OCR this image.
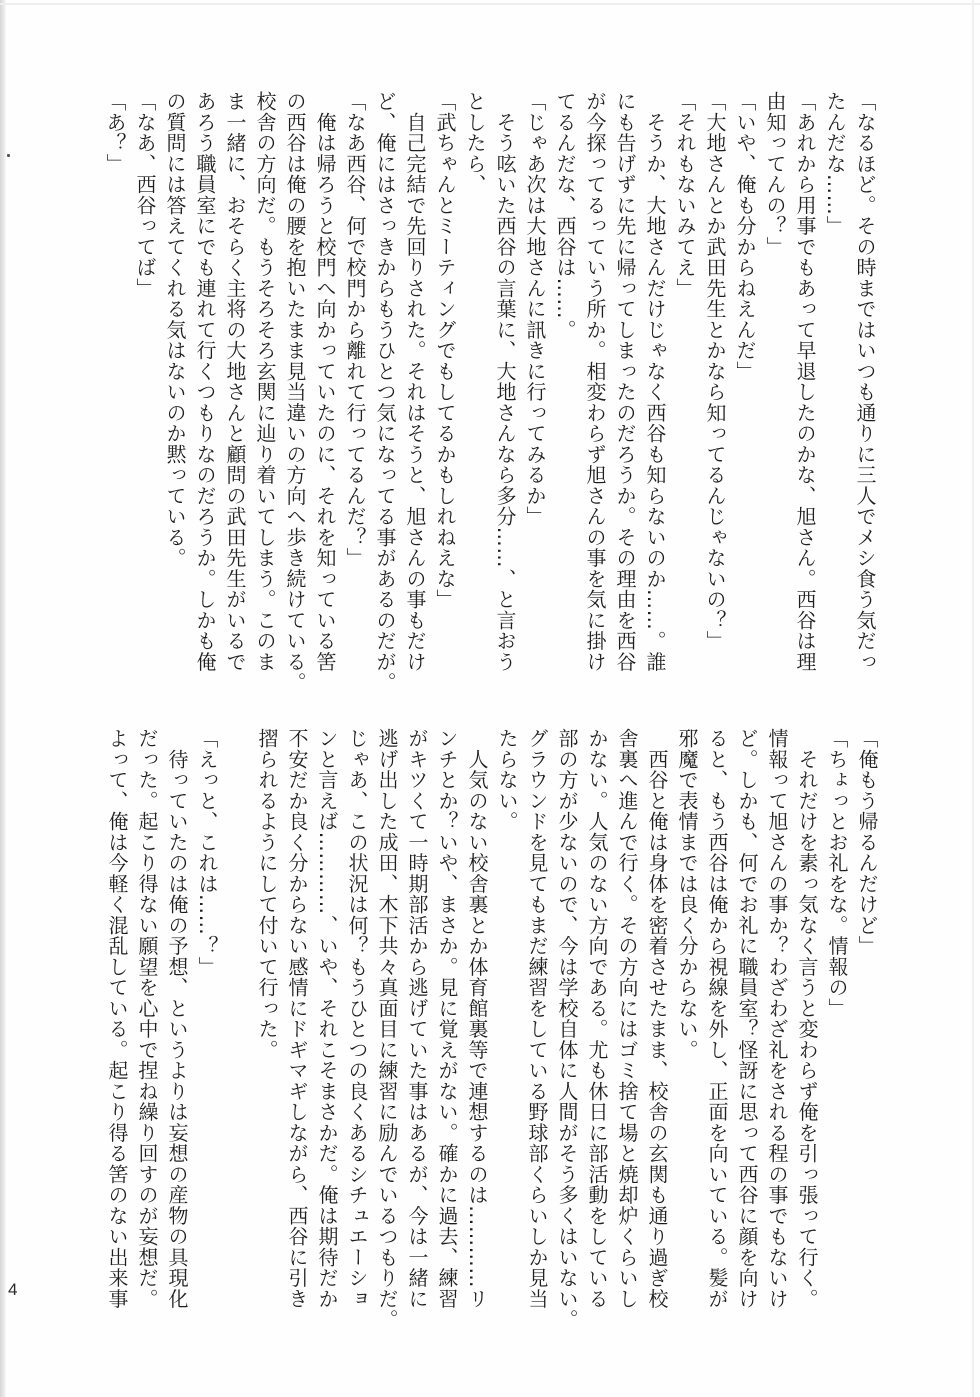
「なるほど。その時まではいつも通りに三人でメシ食う気だっ
たんだな……」
「あれから用事でもあって早退したのかな、旭さん。西谷は理
由知ってんの？」
「いや、俺も分からねえんだ」
「大地さんとか武田先生とかなら知ってるんじゃないの？」
「それもないみてえ」
　そうか、大地さんだけじゃなく西谷も知らないのか……。誰
にも告げずに先に帰ってしまったのだろうか。その理由を西谷
が今探ってるっていう所か。相変わらず旭さんの事を気に掛け
てるんだな、西谷は……。
「じゃあ次は大地さんに訊きに行ってみるか」
　そう呟いた西谷の言葉に、大地さんなら多分……、と言おう
としたら、
「武ちゃんとミーティングでもしてるかもしれねえな」
　自己完結で先回りされた。それはそうと、旭さんの事もだけ
ど、俺にはさっきからもうひとつ気になってる事があるのだが。
「なあ西谷、何で校門から離れて行ってるんだ？」
　俺は帰ろうと校門へ向かっていたのに、それを知っている筈
の西谷は俺の腰を抱いたまま見当違いの方向へ歩き続けている。
校舎の方向だ。もうそろそろ玄関に辿り着いてしまう。このま
ま一緒に、おそらく主将の大地さんと顧問の武田先生がいるで
あろう職員室にでも連れて行くつもりなのだろうか。しかも俺
の質問には答えてくれる気はないのか黙っている。
「なあ、西谷ってば」
「あ？」
「俺もう帰るんだけど」
「ちょっとお礼をな。情報の」
　それだけを素っ気なく言うと変わらず俺を引っ張って行く。
情報って旭さんの事か？わざわざ礼をされる程の事でもないけ
ど。しかも、何でお礼に職員室？怪訝に思って西谷に顔を向け
ると、もう西谷は俺から視線を外し、正面を向いている。髪が
邪魔で表情までは良く分からない。
　西谷と俺は身体を密着させたまま、校舎の玄関も通り過ぎ校
舎裏へ進んで行く。その方向にはゴミ捨て場と焼却炉くらいし
かない。人気のない方向である。尤も休日に部活動をしている
部の方が少ないので、今は学校自体に人間がそう多くはいない。
グラウンドを見てもまだ練習をしている野球部くらいしか見当
たらない。
　人気のない校舎裏とか体育館裏等で連想するのは…………リ
ンチとか？いや、まさか。見に覚えがない。確かに過去、練習
がキツくて一時期部活から逃げていた事はあるが、今は一緒に
逃げ出した成田、木下共々真面目に練習に励んでいるつもりだ。
じゃあ、この状況は何？もうひとつの良くあるシチュエーショ
ンと言えば…………、いや、それこそまさかだ。俺は期待だか
不安だか良く分からない感情にドギマギしながら、西谷に引き
摺られるようにして付いて行った。
「えっと、これは……？」
　待っていたのは俺の予想、というよりは妄想の産物の具現化
だった。起こり得ない願望を心中で捏ね繰り回すのが妄想だ。
よって、俺は今軽く混乱している。起こり得る筈のない出来事
4
